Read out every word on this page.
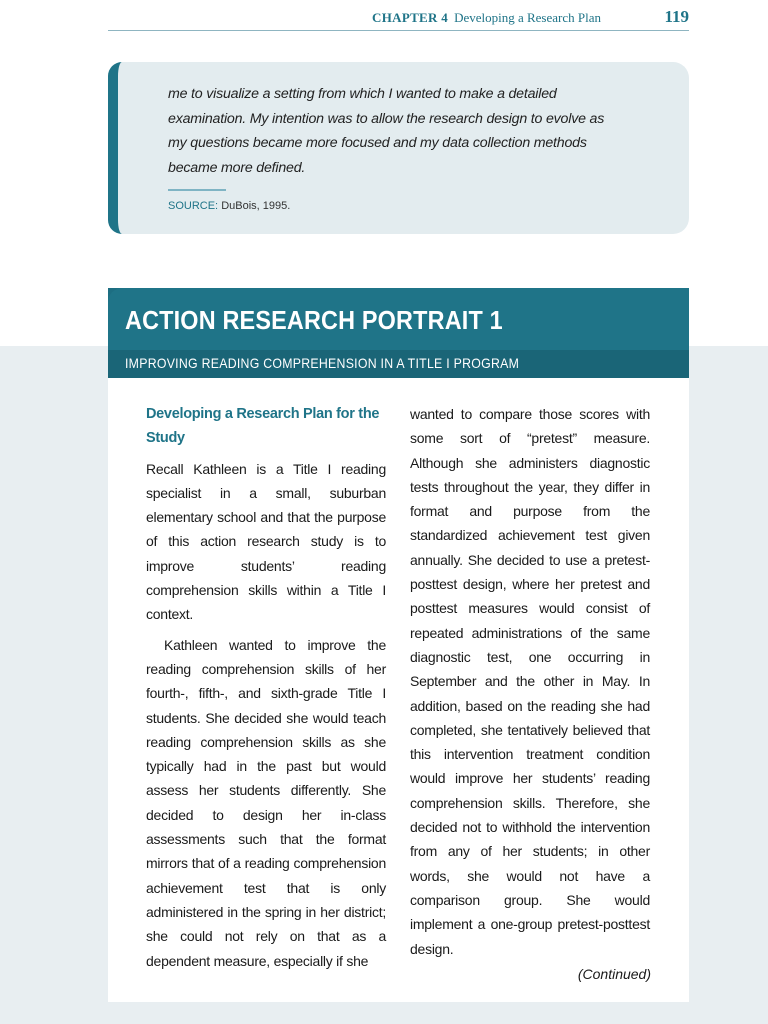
CHAPTER 4 Developing a Research Plan	119
me to visualize a setting from which I wanted to make a detailed examination. My intention was to allow the research design to evolve as my questions became more focused and my data collection methods became more defined.
SOURCE: DuBois, 1995.
ACTION RESEARCH PORTRAIT 1
IMPROVING READING COMPREHENSION IN A TITLE I PROGRAM
Developing a Research Plan for the Study

Recall Kathleen is a Title I reading specialist in a small, suburban elementary school and that the purpose of this action research study is to improve students’ reading comprehension skills within a Title I context.

Kathleen wanted to improve the reading comprehension skills of her fourth-, fifth-, and sixth-grade Title I students. She decided she would teach reading comprehension skills as she typically had in the past but would assess her students differently. She decided to design her in-class assessments such that the format mirrors that of a reading comprehension achievement test that is only administered in the spring in her district; she could not rely on that as a dependent measure, especially if she

wanted to compare those scores with some sort of “pretest” measure. Although she administers diagnostic tests throughout the year, they differ in format and purpose from the standardized achievement test given annually. She decided to use a pretest-posttest design, where her pretest and posttest measures would consist of repeated administrations of the same diagnostic test, one occurring in September and the other in May. In addition, based on the reading she had completed, she tentatively believed that this intervention treatment condition would improve her students’ reading comprehension skills. Therefore, she decided not to withhold the intervention from any of her students; in other words, she would not have a comparison group. She would implement a one-group pretest-posttest design.

(Continued)
